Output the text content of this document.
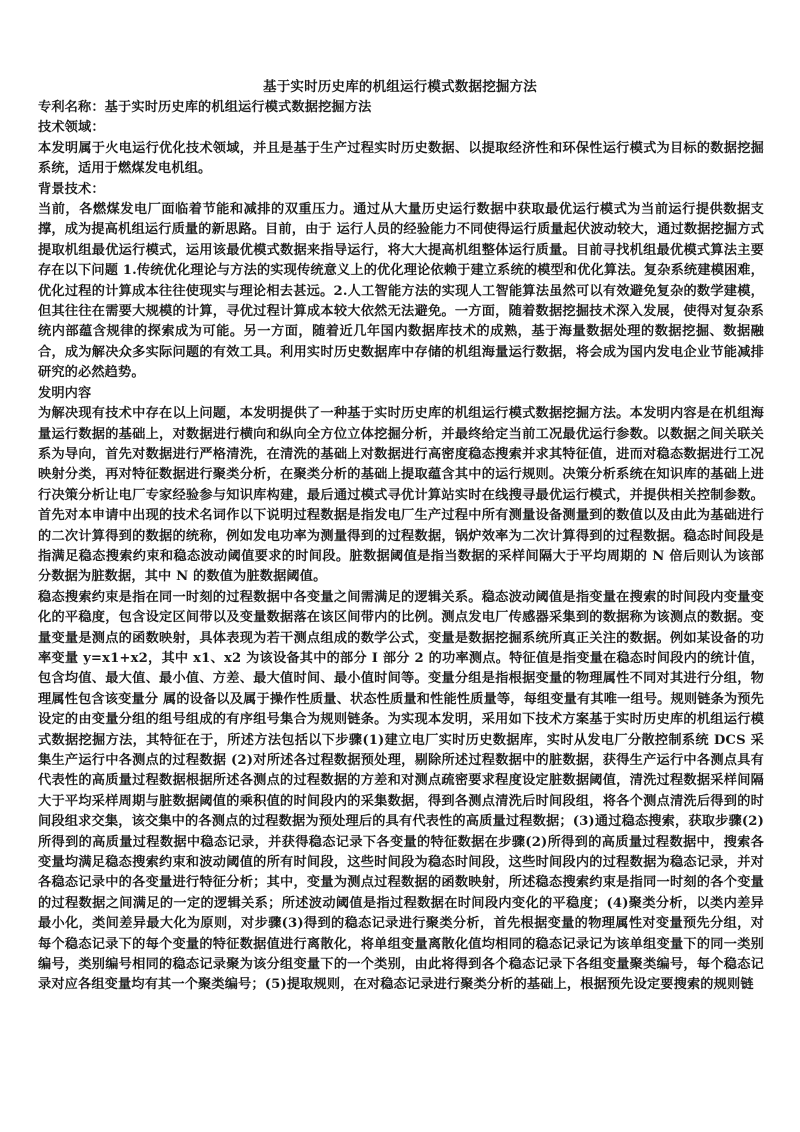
基于实时历史库的机组运行模式数据挖掘方法

专利名称：基于实时历史库的机组运行模式数据挖掘方法

技术领域：

本发明属于火电运行优化技术领域，并且是基于生产过程实时历史数据、以提取经济性和环保性运行模式为目标的数据挖掘系统，适用于燃煤发电机组。

背景技术：

当前，各燃煤发电厂面临着节能和减排的双重压力。通过从大量历史运行数据中获取最优运行模式为当前运行提供数据支撑，成为提高机组运行质量的新思路。目前，由于 运行人员的经验能力不同使得运行质量起伏波动较大，通过数据挖掘方式提取机组最优运行模式，运用该最优模式数据来指导运行，将大大提高机组整体运行质量。目前寻找机组最优模式算法主要存在以下问题 1.传统优化理论与方法的实现传统意义上的优化理论依赖于建立系统的模型和优化算法。复杂系统建模困难，优化过程的计算成本往往使现实与理论相去甚远。2.人工智能方法的实现人工智能算法虽然可以有效避免复杂的数学建模，但其往往在需要大规模的计算，寻优过程计算成本较大依然无法避免。一方面，随着数据挖掘技术深入发展，使得对复杂系统内部蕴含规律的探索成为可能。另一方面，随着近几年国内数据库技术的成熟，基于海量数据处理的数据挖掘、数据融合，成为解决众多实际问题的有效工具。利用实时历史数据库中存储的机组海量运行数据，将会成为国内发电企业节能减排研究的必然趋势。

发明内容

为解决现有技术中存在以上问题，本发明提供了一种基于实时历史库的机组运行模式数据挖掘方法。本发明内容是在机组海量运行数据的基础上，对数据进行横向和纵向全方位立体挖掘分析，并最终给定当前工况最优运行参数。以数据之间关联关系为导向，首先对数据进行严格清洗，在清洗的基础上对数据进行高密度稳态搜索并求其特征值，进而对稳态数据进行工况映射分类，再对特征数据进行聚类分析，在聚类分析的基础上提取蕴含其中的运行规则。决策分析系统在知识库的基础上进行决策分析让电厂专家经验参与知识库构建，最后通过模式寻优计算站实时在线搜寻最优运行模式，并提供相关控制参数。首先对本申请中出现的技术名词作以下说明过程数据是指发电厂生产过程中所有测量设备测量到的数值以及由此为基础进行的二次计算得到的数据的统称，例如发电功率为测量得到的过程数据，锅炉效率为二次计算得到的过程数据。稳态时间段是指满足稳态搜索约束和稳态波动阈值要求的时间段。脏数据阈值是指当数据的采样间隔大于平均周期的 N 倍后则认为该部分数据为脏数据，其中 N 的数值为脏数据阈值。

稳态搜索约束是指在同一时刻的过程数据中各变量之间需满足的逻辑关系。稳态波动阈值是指变量在搜索的时间段内变量变化的平稳度，包含设定区间带以及变量数据落在该区间带内的比例。测点发电厂传感器采集到的数据称为该测点的数据。变量变量是测点的函数映射，具体表现为若干测点组成的数学公式，变量是数据挖掘系统所真正关注的数据。例如某设备的功率变量 y=x1+x2，其中 x1、x2 为该设备其中的部分 I 部分 2 的功率测点。特征值是指变量在稳态时间段内的统计值，包含均值、最大值、最小值、方差、最大值时间、最小值时间等。变量分组是指根据变量的物理属性不同对其进行分组，物理属性包含该变量分 属的设备以及属于操作性质量、状态性质量和性能性质量等，每组变量有其唯一组号。规则链条为预先设定的由变量分组的组号组成的有序组号集合为规则链条。为实现本发明，采用如下技术方案基于实时历史库的机组运行模式数据挖掘方法，其特征在于，所述方法包括以下步骤(1)建立电厂实时历史数据库，实时从发电厂分散控制系统 DCS 采集生产运行中各测点的过程数据 (2)对所述各过程数据预处理，剔除所述过程数据中的脏数据，获得生产运行中各测点具有代表性的高质量过程数据根据所述各测点的过程数据的方差和对测点疏密要求程度设定脏数据阈值，清洗过程数据采样间隔大于平均采样周期与脏数据阈值的乘积值的时间段内的采集数据，得到各测点清洗后时间段组，将各个测点清洗后得到的时间段组求交集，该交集中的各测点的过程数据为预处理后的具有代表性的高质量过程数据；(3)通过稳态搜索，获取步骤(2)所得到的高质量过程数据中稳态记录，并获得稳态记录下各变量的特征数据在步骤(2)所得到的高质量过程数据中，搜索各变量均满足稳态搜索约束和波动阈值的所有时间段，这些时间段为稳态时间段，这些时间段内的过程数据为稳态记录，并对各稳态记录中的各变量进行特征分析；其中，变量为测点过程数据的函数映射，所述稳态搜索约束是指同一时刻的各个变量的过程数据之间满足的一定的逻辑关系；所述波动阈值是指过程数据在时间段内变化的平稳度；(4)聚类分析，以类内差异最小化，类间差异最大化为原则，对步骤(3)得到的稳态记录进行聚类分析，首先根据变量的物理属性对变量预先分组，对每个稳态记录下的每个变量的特征数据值进行离散化，将单组变量离散化值均相同的稳态记录记为该单组变量下的同一类别编号，类别编号相同的稳态记录聚为该分组变量下的一个类别，由此将得到各个稳态记录下各组变量聚类编号，每个稳态记录对应各组变量均有其一个聚类编号；(5)提取规则，在对稳态记录进行聚类分析的基础上，根据预先设定要搜索的规则链
